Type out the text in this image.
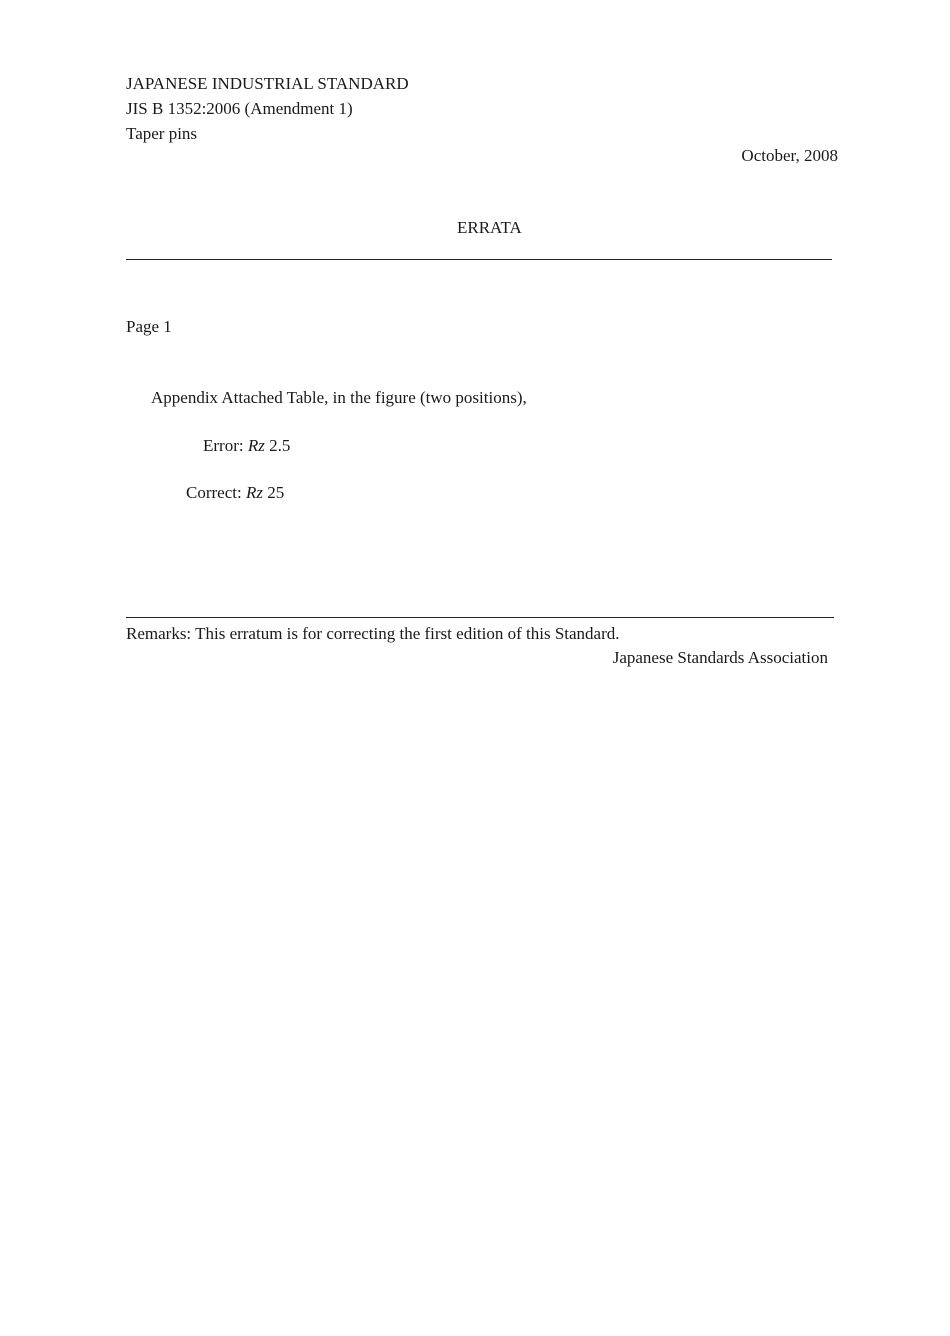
JAPANESE INDUSTRIAL STANDARD
JIS B 1352:2006 (Amendment 1)
Taper pins
October, 2008
ERRATA
Page 1
Appendix Attached Table, in the figure (two positions),
Error: Rz 2.5
Correct: Rz 25
Remarks: This erratum is for correcting the first edition of this Standard.
Japanese Standards Association
